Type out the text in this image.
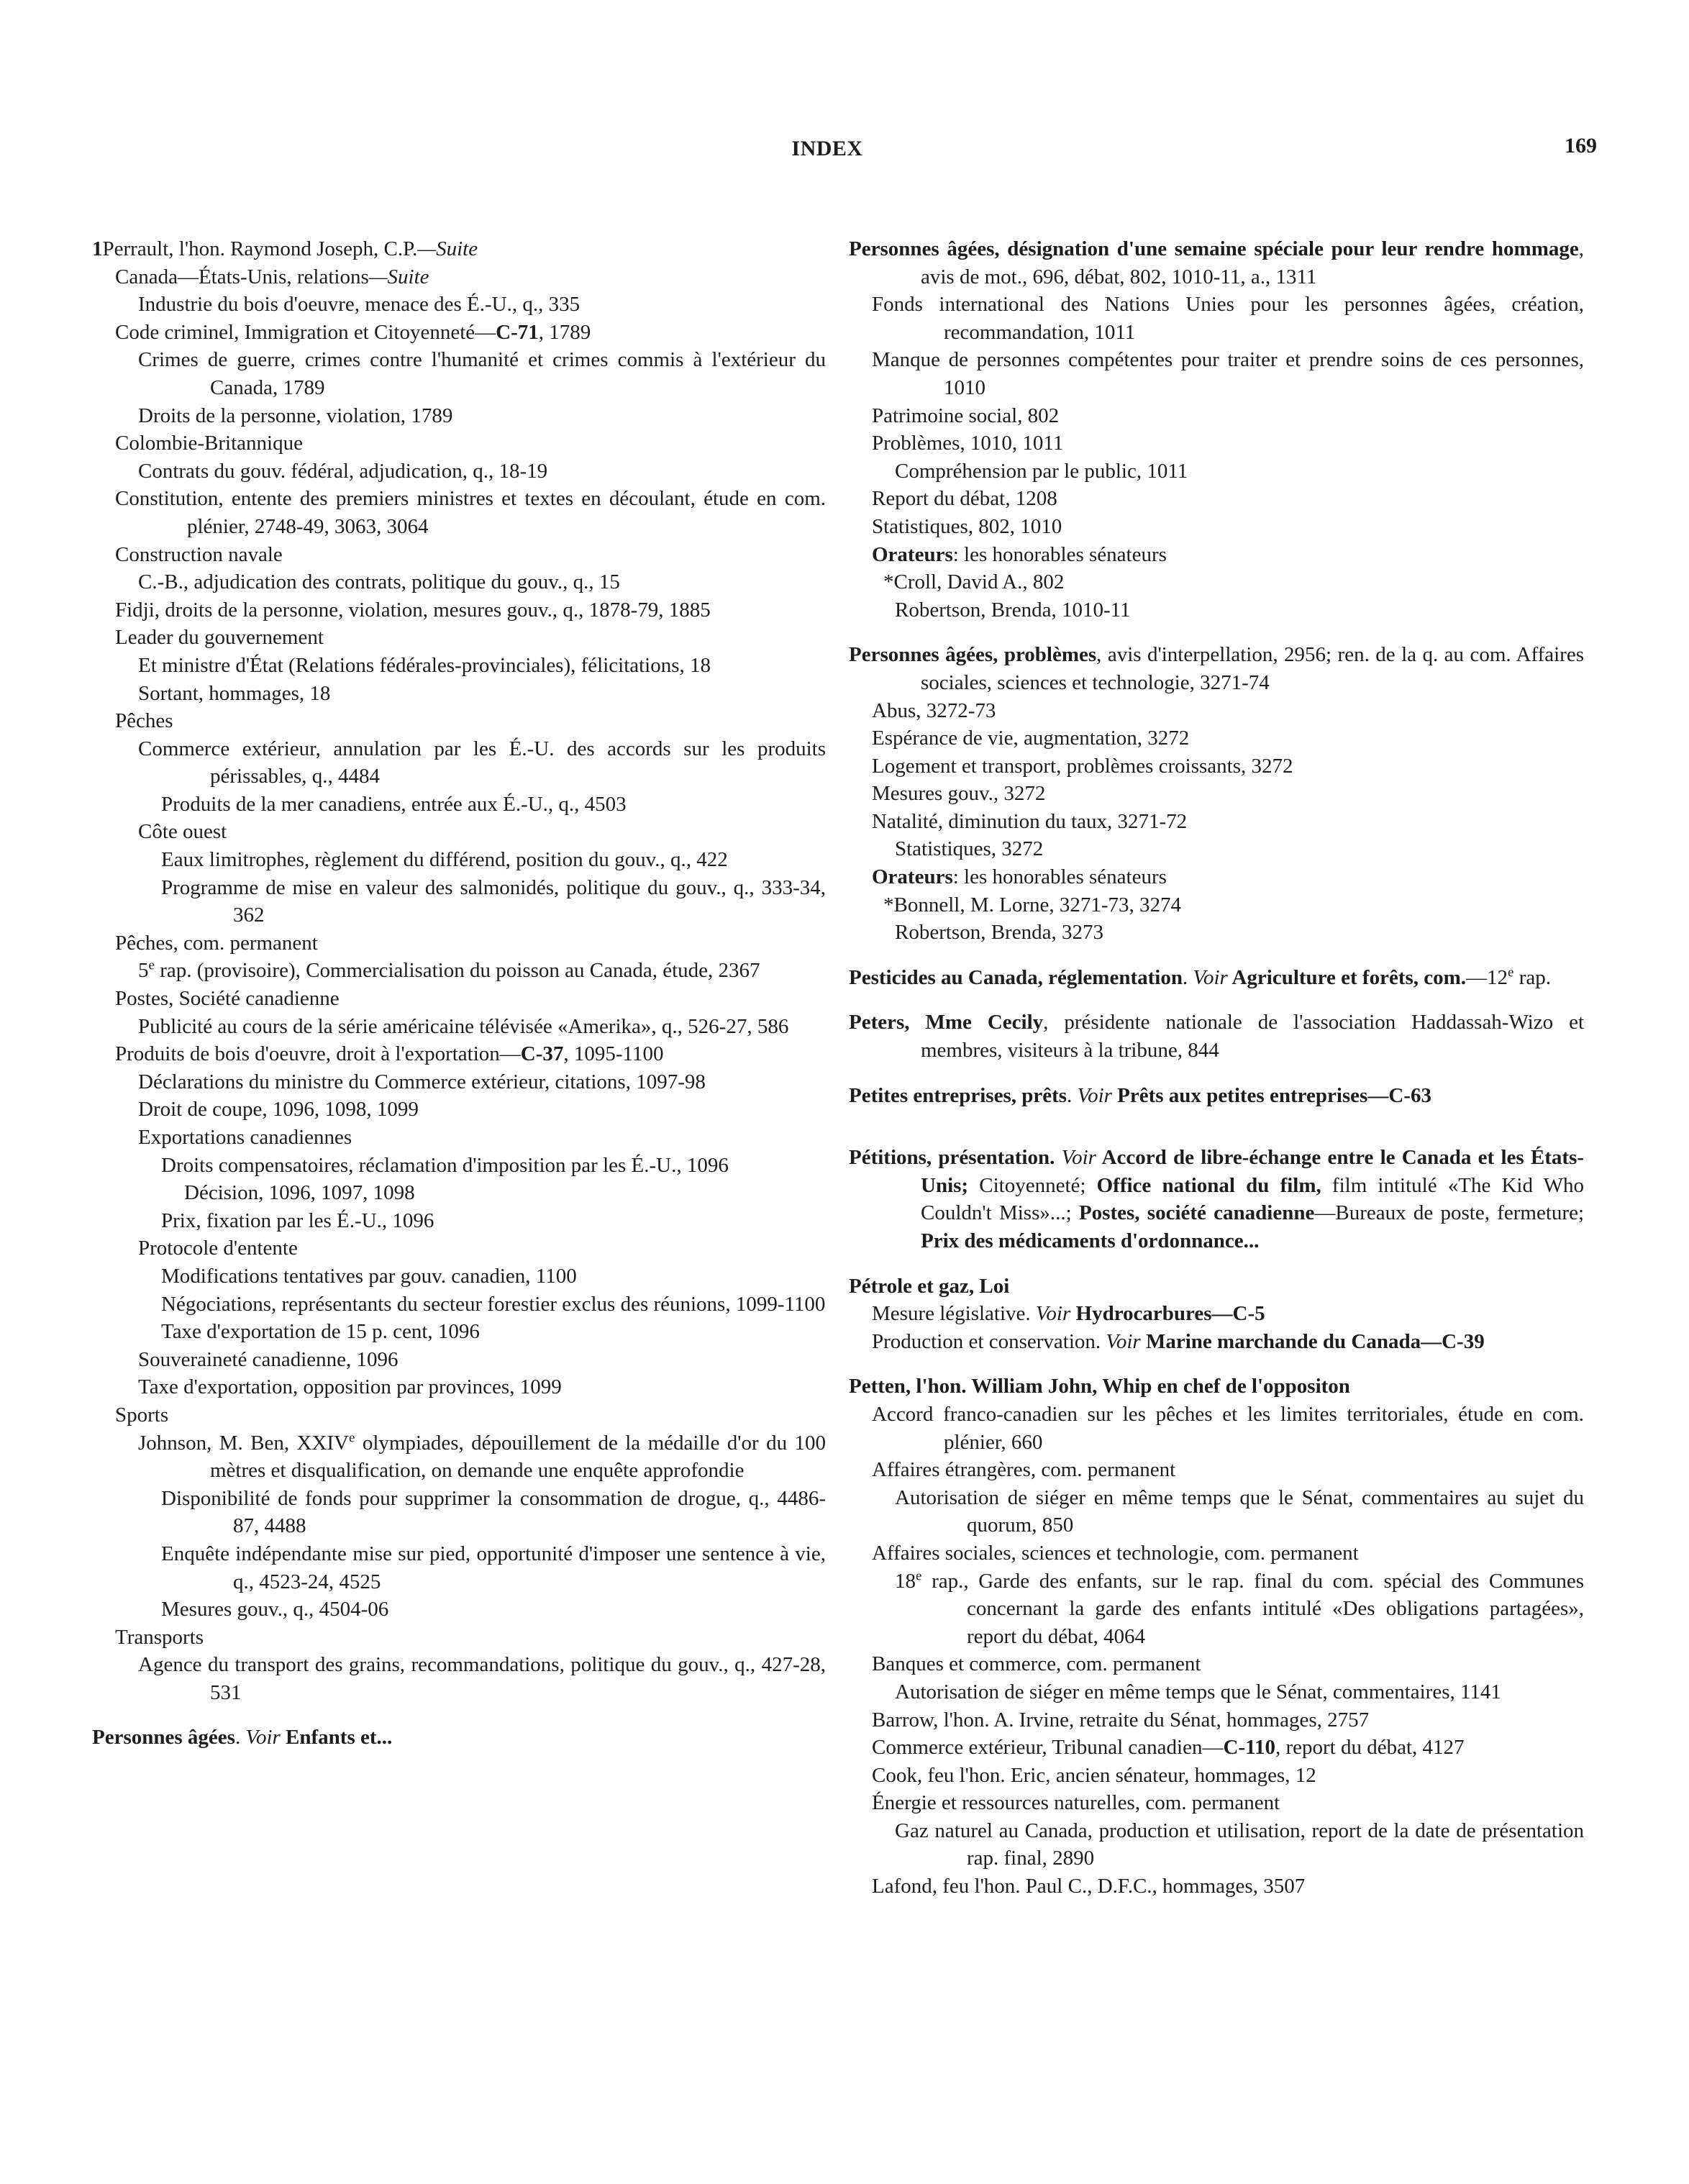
INDEX	169
1Perrault, l'hon. Raymond Joseph, C.P.—Suite
Canada—États-Unis, relations—Suite
Industrie du bois d'oeuvre, menace des É.-U., q., 335
Code criminel, Immigration et Citoyenneté—C-71, 1789
Crimes de guerre, crimes contre l'humanité et crimes commis à l'extérieur du Canada, 1789
Droits de la personne, violation, 1789
Colombie-Britannique
Contrats du gouv. fédéral, adjudication, q., 18-19
Constitution, entente des premiers ministres et textes en découlant, étude en com. plénier, 2748-49, 3063, 3064
Construction navale
C.-B., adjudication des contrats, politique du gouv., q., 15
Fidji, droits de la personne, violation, mesures gouv., q., 1878-79, 1885
Leader du gouvernement
Et ministre d'État (Relations fédérales-provinciales), félicitations, 18
Sortant, hommages, 18
Pêches
Commerce extérieur, annulation par les É.-U. des accords sur les produits périssables, q., 4484
Produits de la mer canadiens, entrée aux É.-U., q., 4503
Côte ouest
Eaux limitrophes, règlement du différend, position du gouv., q., 422
Programme de mise en valeur des salmonidés, politique du gouv., q., 333-34, 362
Pêches, com. permanent
5e rap. (provisoire), Commercialisation du poisson au Canada, étude, 2367
Postes, Société canadienne
Publicité au cours de la série américaine télévisée «Amerika», q., 526-27, 586
Produits de bois d'oeuvre, droit à l'exportation—C-37, 1095-1100
Déclarations du ministre du Commerce extérieur, citations, 1097-98
Droit de coupe, 1096, 1098, 1099
Exportations canadiennes
Droits compensatoires, réclamation d'imposition par les É.-U., 1096
Décision, 1096, 1097, 1098
Prix, fixation par les É.-U., 1096
Protocole d'entente
Modifications tentatives par gouv. canadien, 1100
Négociations, représentants du secteur forestier exclus des réunions, 1099-1100
Taxe d'exportation de 15 p. cent, 1096
Souveraineté canadienne, 1096
Taxe d'exportation, opposition par provinces, 1099
Sports
Johnson, M. Ben, XXIVe olympiades, dépouillement de la médaille d'or du 100 mètres et disqualification, on demande une enquête approfondie
Disponibilité de fonds pour supprimer la consommation de drogue, q., 4486-87, 4488
Enquête indépendante mise sur pied, opportunité d'imposer une sentence à vie, q., 4523-24, 4525
Mesures gouv., q., 4504-06
Transports
Agence du transport des grains, recommandations, politique du gouv., q., 427-28, 531
Personnes âgées. Voir Enfants et...
Personnes âgées, désignation d'une semaine spéciale pour leur rendre hommage, avis de mot., 696, débat, 802, 1010-11, a., 1311
Fonds international des Nations Unies pour les personnes âgées, création, recommandation, 1011
Manque de personnes compétentes pour traiter et prendre soins de ces personnes, 1010
Patrimoine social, 802
Problèmes, 1010, 1011
Compréhension par le public, 1011
Report du débat, 1208
Statistiques, 802, 1010
Orateurs: les honorables sénateurs
*Croll, David A., 802
Robertson, Brenda, 1010-11
Personnes âgées, problèmes, avis d'interpellation, 2956; ren. de la q. au com. Affaires sociales, sciences et technologie, 3271-74
Abus, 3272-73
Espérance de vie, augmentation, 3272
Logement et transport, problèmes croissants, 3272
Mesures gouv., 3272
Natalité, diminution du taux, 3271-72
Statistiques, 3272
Orateurs: les honorables sénateurs
*Bonnell, M. Lorne, 3271-73, 3274
Robertson, Brenda, 3273
Pesticides au Canada, réglementation. Voir Agriculture et forêts, com.—12e rap.
Peters, Mme Cecily, présidente nationale de l'association Haddassah-Wizo et membres, visiteurs à la tribune, 844
Petites entreprises, prêts. Voir Prêts aux petites entreprises—C-63
Pétitions, présentation. Voir Accord de libre-échange entre le Canada et les États-Unis; Citoyenneté; Office national du film, film intitulé «The Kid Who Couldn't Miss»...; Postes, société canadienne—Bureaux de poste, fermeture; Prix des médicaments d'ordonnance...
Pétrole et gaz, Loi
Mesure législative. Voir Hydrocarbures—C-5
Production et conservation. Voir Marine marchande du Canada—C-39
Petten, l'hon. William John, Whip en chef de l'oppositon
Accord franco-canadien sur les pêches et les limites territoriales, étude en com. plénier, 660
Affaires étrangères, com. permanent
Autorisation de siéger en même temps que le Sénat, commentaires au sujet du quorum, 850
Affaires sociales, sciences et technologie, com. permanent
18e rap., Garde des enfants, sur le rap. final du com. spécial des Communes concernant la garde des enfants intitulé «Des obligations partagées», report du débat, 4064
Banques et commerce, com. permanent
Autorisation de siéger en même temps que le Sénat, commentaires, 1141
Barrow, l'hon. A. Irvine, retraite du Sénat, hommages, 2757
Commerce extérieur, Tribunal canadien—C-110, report du débat, 4127
Cook, feu l'hon. Eric, ancien sénateur, hommages, 12
Énergie et ressources naturelles, com. permanent
Gaz naturel au Canada, production et utilisation, report de la date de présentation rap. final, 2890
Lafond, feu l'hon. Paul C., D.F.C., hommages, 3507
